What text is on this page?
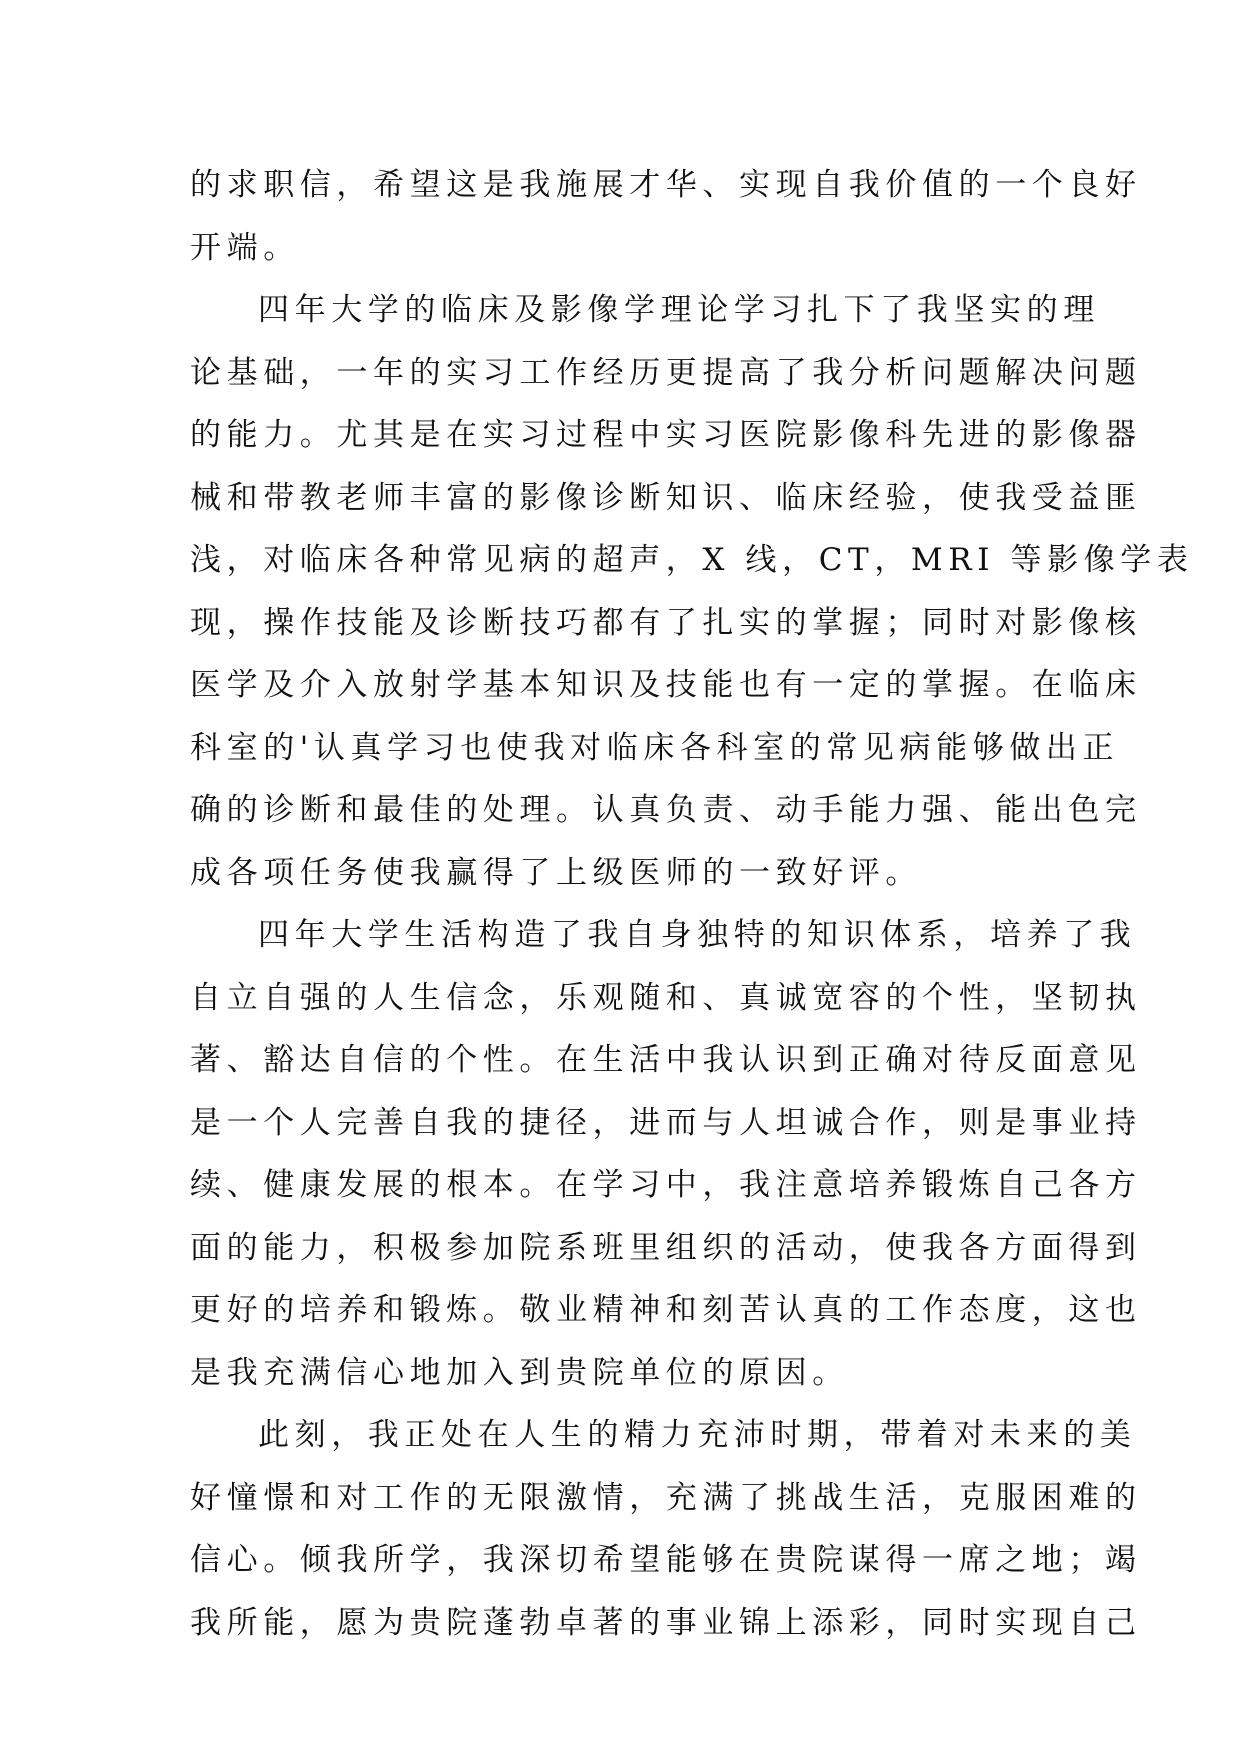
的求职信，希望这是我施展才华、实现自我价值的一个良好
开端。
四年大学的临床及影像学理论学习扎下了我坚实的理
论基础，一年的实习工作经历更提高了我分析问题解决问题
的能力。尤其是在实习过程中实习医院影像科先进的影像器
械和带教老师丰富的影像诊断知识、临床经验，使我受益匪
浅，对临床各种常见病的超声，X 线，CT，MRI 等影像学表
现，操作技能及诊断技巧都有了扎实的掌握；同时对影像核
医学及介入放射学基本知识及技能也有一定的掌握。在临床
科室的'认真学习也使我对临床各科室的常见病能够做出正
确的诊断和最佳的处理。认真负责、动手能力强、能出色完
成各项任务使我赢得了上级医师的一致好评。
四年大学生活构造了我自身独特的知识体系，培养了我
自立自强的人生信念，乐观随和、真诚宽容的个性，坚韧执
著、豁达自信的个性。在生活中我认识到正确对待反面意见
是一个人完善自我的捷径，进而与人坦诚合作，则是事业持
续、健康发展的根本。在学习中，我注意培养锻炼自己各方
面的能力，积极参加院系班里组织的活动，使我各方面得到
更好的培养和锻炼。敬业精神和刻苦认真的工作态度，这也
是我充满信心地加入到贵院单位的原因。
此刻，我正处在人生的精力充沛时期，带着对未来的美
好憧憬和对工作的无限激情，充满了挑战生活，克服困难的
信心。倾我所学，我深切希望能够在贵院谋得一席之地；竭
我所能，愿为贵院蓬勃卓著的事业锦上添彩，同时实现自己
